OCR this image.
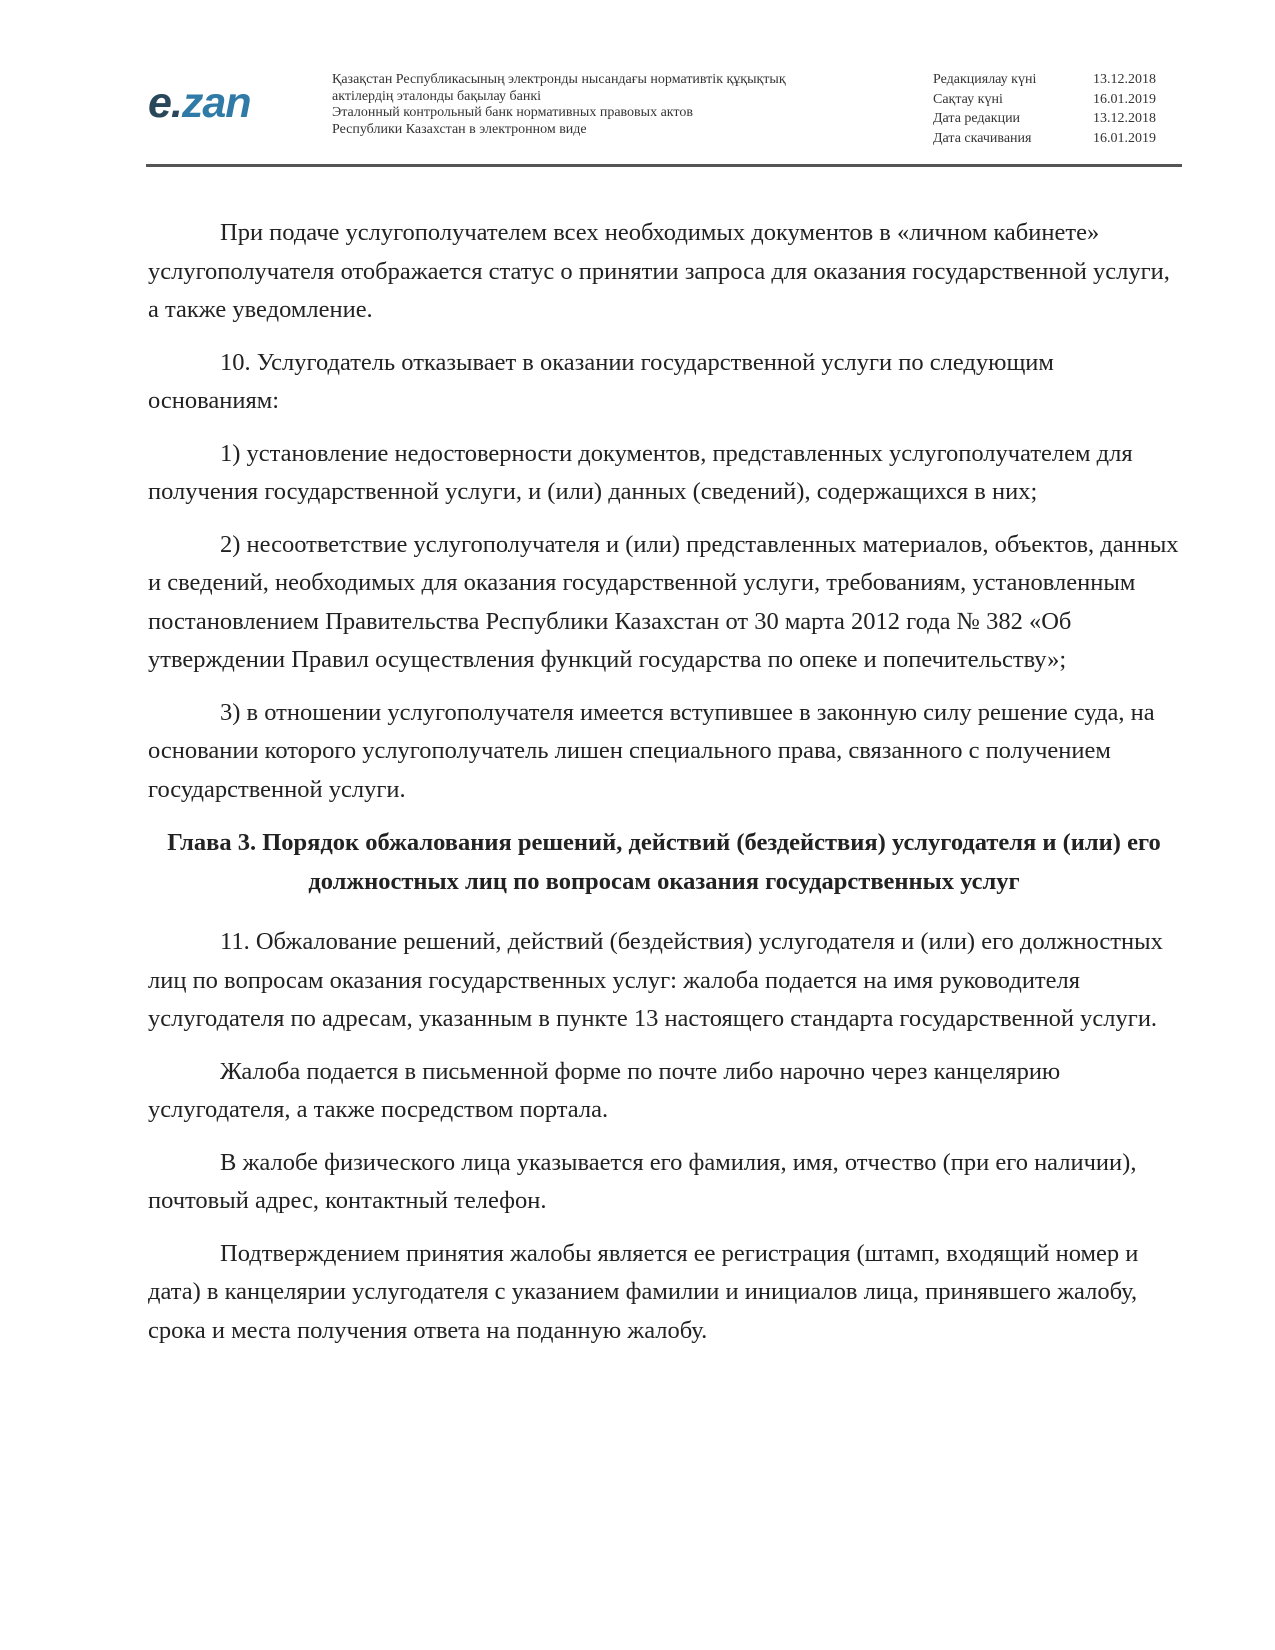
e.zan	Қазақстан Республикасының электронды нысандағы нормативтік құқықтық
актілердің эталонды бақылау банкі
Эталонный контрольный банк нормативных правовых актов
Республики Казахстан в электронном виде
Редакциялау күні	13.12.2018
Сақтау күні	16.01.2019
Дата редакции	13.12.2018
Дата скачивания	16.01.2019

При подаче услугополучателем всех необходимых документов в «личном кабинете» услугополучателя отображается статус о принятии запроса для оказания государственной услуги, а также уведомление.

10. Услугодатель отказывает в оказании государственной услуги по следующим основаниям:

1) установление недостоверности документов, представленных услугополучателем для получения государственной услуги, и (или) данных (сведений), содержащихся в них;

2) несоответствие услугополучателя и (или) представленных материалов, объектов, данных и сведений, необходимых для оказания государственной услуги, требованиям, установленным постановлением Правительства Республики Казахстан от 30 марта 2012 года № 382 «Об утверждении Правил осуществления функций государства по опеке и попечительству»;

3) в отношении услугополучателя имеется вступившее в законную силу решение суда, на основании которого услугополучатель лишен специального права, связанного с получением государственной услуги.

Глава 3. Порядок обжалования решений, действий (бездействия) услугодателя и (или) его должностных лиц по вопросам оказания государственных услуг

11. Обжалование решений, действий (бездействия) услугодателя и (или) его должностных лиц по вопросам оказания государственных услуг: жалоба подается на имя руководителя услугодателя по адресам, указанным в пункте 13 настоящего стандарта государственной услуги.

Жалоба подается в письменной форме по почте либо нарочно через канцелярию услугодателя, а также посредством портала.

В жалобе физического лица указывается его фамилия, имя, отчество (при его наличии), почтовый адрес, контактный телефон.

Подтверждением принятия жалобы является ее регистрация (штамп, входящий номер и дата) в канцелярии услугодателя с указанием фамилии и инициалов лица, принявшего жалобу, срока и места получения ответа на поданную жалобу.
